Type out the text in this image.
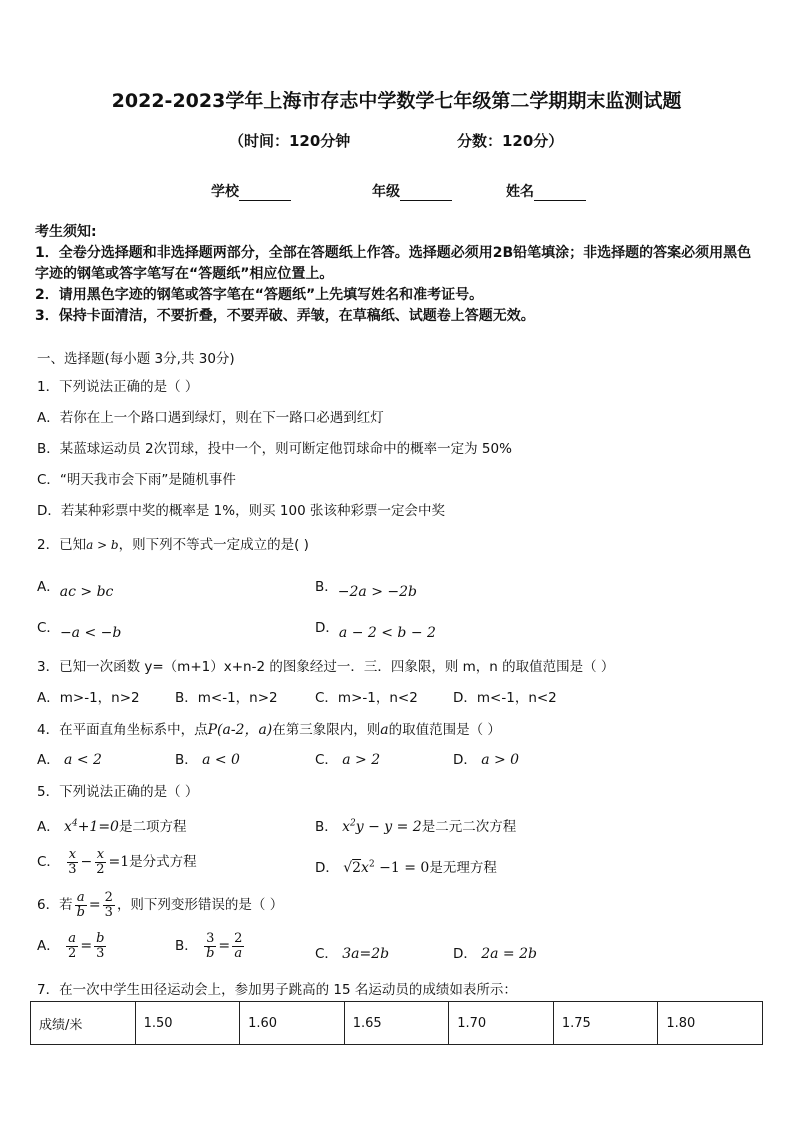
2022-2023学年上海市存志中学数学七年级第二学期期末监测试题
（时间：120分钟	分数：120分）
学校	年级	姓名
考生须知:
1．全卷分选择题和非选择题两部分，全部在答题纸上作答。选择题必须用2B铅笔填涂；非选择题的答案必须用黑色
字迹的钢笔或答字笔写在“答题纸”相应位置上。
2．请用黑色字迹的钢笔或答字笔在“答题纸”上先填写姓名和准考证号。
3．保持卡面清洁，不要折叠，不要弄破、弄皱，在草稿纸、试题卷上答题无效。
一、选择题(每小题 3分,共 30分)
1．下列说法正确的是（ ）
A．若你在上一个路口遇到绿灯，则在下一路口必遇到红灯
B．某蓝球运动员 2次罚球，投中一个，则可断定他罚球命中的概率一定为 50%
C．“明天我市会下雨”是随机事件
D．若某种彩票中奖的概率是 1%，则买 100 张该种彩票一定会中奖
2．已知a > b，则下列不等式一定成立的是( )
A．ac > bc	B．−2a > −2b
C．−a < −b	D．a − 2 < b − 2
3．已知一次函数 y=（m+1）x+n-2 的图象经过一．三．四象限，则 m，n 的取值范围是（ ）
A．m>-1，n>2	B．m<-1，n>2	C．m>-1，n<2	D．m<-1，n<2
4．在平面直角坐标系中，点P(a-2，a)在第三象限内，则a的取值范围是（ ）
A． a < 2	B． a < 0	C． a > 2	D． a > 0
5．下列说法正确的是（ ）
A． $x^4+1=0$是二项方程	B． $x^2y - y = 2$是二元二次方程
C． $\frac{x}{3} - \frac{x}{2} =1$是分式方程	D． $√2x^2 -1 = 0$是无理方程
6．若 $\frac{a}{b} = \frac{2}{3}$ ，则下列变形错误的是（ ）
A． $\frac{a}{2} = \frac{b}{3}$	B． $\frac{3}{b} = \frac{2}{a}$	C． 3a=2b	D． 2a = 2b
7．在一次中学生田径运动会上，参加男子跳高的 15 名运动员的成绩如表所示：
成绩/米	1.50	1.60	1.65	1.70	1.75	1.80
